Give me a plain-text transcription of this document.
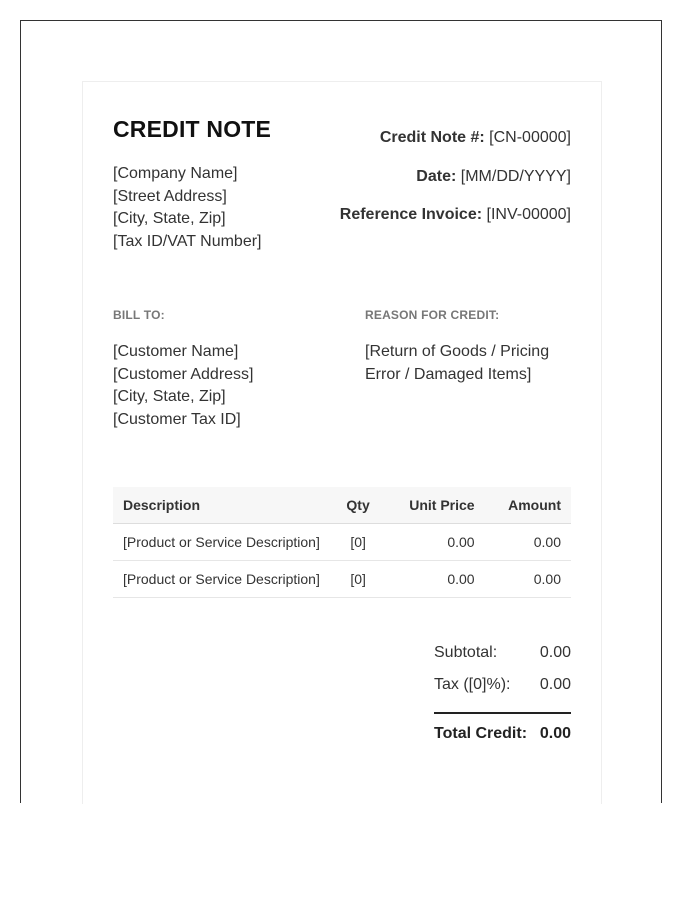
CREDIT NOTE
[Company Name]
[Street Address]
[City, State, Zip]
[Tax ID/VAT Number]
Credit Note #: [CN-00000]
Date: [MM/DD/YYYY]
Reference Invoice: [INV-00000]
BILL TO:	REASON FOR CREDIT:
[Customer Name]
[Customer Address]
[City, State, Zip]
[Customer Tax ID]
[Return of Goods / Pricing Error / Damaged Items]
Description	Qty	Unit Price	Amount
[Product or Service Description]	[0]	0.00	0.00
[Product or Service Description]	[0]	0.00	0.00
Subtotal:	0.00
Tax ([0]%): 0.00
Total Credit: 0.00
